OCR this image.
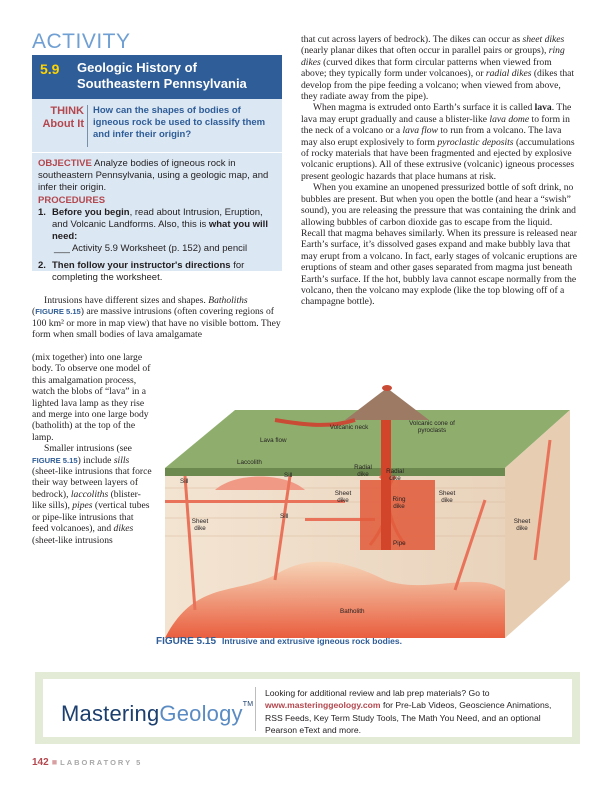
ACTIVITY
5.9 Geologic History of Southeastern Pennsylvania
THINK About It
How can the shapes of bodies of igneous rock be used to classify them and infer their origin?
OBJECTIVE Analyze bodies of igneous rock in southeastern Pennsylvania, using a geologic map, and infer their origin.
PROCEDURES
1. Before you begin, read about Intrusion, Eruption, and Volcanic Landforms. Also, this is what you will need:
___ Activity 5.9 Worksheet (p. 152) and pencil
2. Then follow your instructor's directions for completing the worksheet.

Intrusions have different sizes and shapes. Batholiths
(FIGURE 5.15) are massive intrusions (often covering regions of 100 km² or more in map view) that have no visible bottom. They form when small bodies of lava amalgamate

(mix together) into one large body. To observe one model of this amalgamation process, watch the blobs of “lava” in a lighted lava lamp as they rise and merge into one large body (batholith) at the top of the lamp.

Smaller intrusions (see FIGURE 5.15) include sills (sheet-like intrusions that force their way between layers of bedrock), laccoliths (blister-like sills), pipes (vertical tubes or pipe-like intrusions that feed volcanoes), and dikes (sheet-like intrusions

that cut across layers of bedrock). The dikes can occur as sheet dikes (nearly planar dikes that often occur in parallel pairs or groups), ring dikes (curved dikes that form circular patterns when viewed from above; they typically form under volcanoes), or radial dikes (dikes that develop from the pipe feeding a volcano; when viewed from above, they radiate away from the pipe).

When magma is extruded onto Earth’s surface it is called lava. The lava may erupt gradually and cause a blister-like lava dome to form in the neck of a volcano or a lava flow to run from a volcano. The lava may also erupt explosively to form pyroclastic deposits (accumulations of rocky materials that have been fragmented and ejected by explosive volcanic eruptions). All of these extrusive (volcanic) igneous processes present geologic hazards that place humans at risk.

When you examine an unopened pressurized bottle of soft drink, no bubbles are present. But when you open the bottle (and hear a “swish” sound), you are releasing the pressure that was containing the drink and allowing bubbles of carbon dioxide gas to escape from the liquid. Recall that magma behaves similarly. When its pressure is released near Earth’s surface, it’s dissolved gases expand and make bubbly lava that may erupt from a volcano. In fact, early stages of volcanic eruptions are eruptions of steam and other gases separated from magma just beneath Earth’s surface. If the hot, bubbly lava cannot escape normally from the volcano, then the volcano may explode (like the top blowing off of a champagne bottle).

Lava flow
Volcanic neck
Volcanic cone of pyroclasts
Laccolith
Sill
Sill
Sill
Radial dike	Radial dike
Sheet dike	Ring dike
Sheet dike
Sheet dike
Sheet dike
Pipe
Batholith
FIGURE 5.15 Intrusive and extrusive igneous rock bodies.
MasteringGeology™
Looking for additional review and lab prep materials? Go to
www.masteringgeology.com for Pre-Lab Videos, Geoscience Animations, RSS Feeds, Key Term Study Tools, The Math You Need, and an optional Pearson eText and more.
142 ■ LABORATORY 5
